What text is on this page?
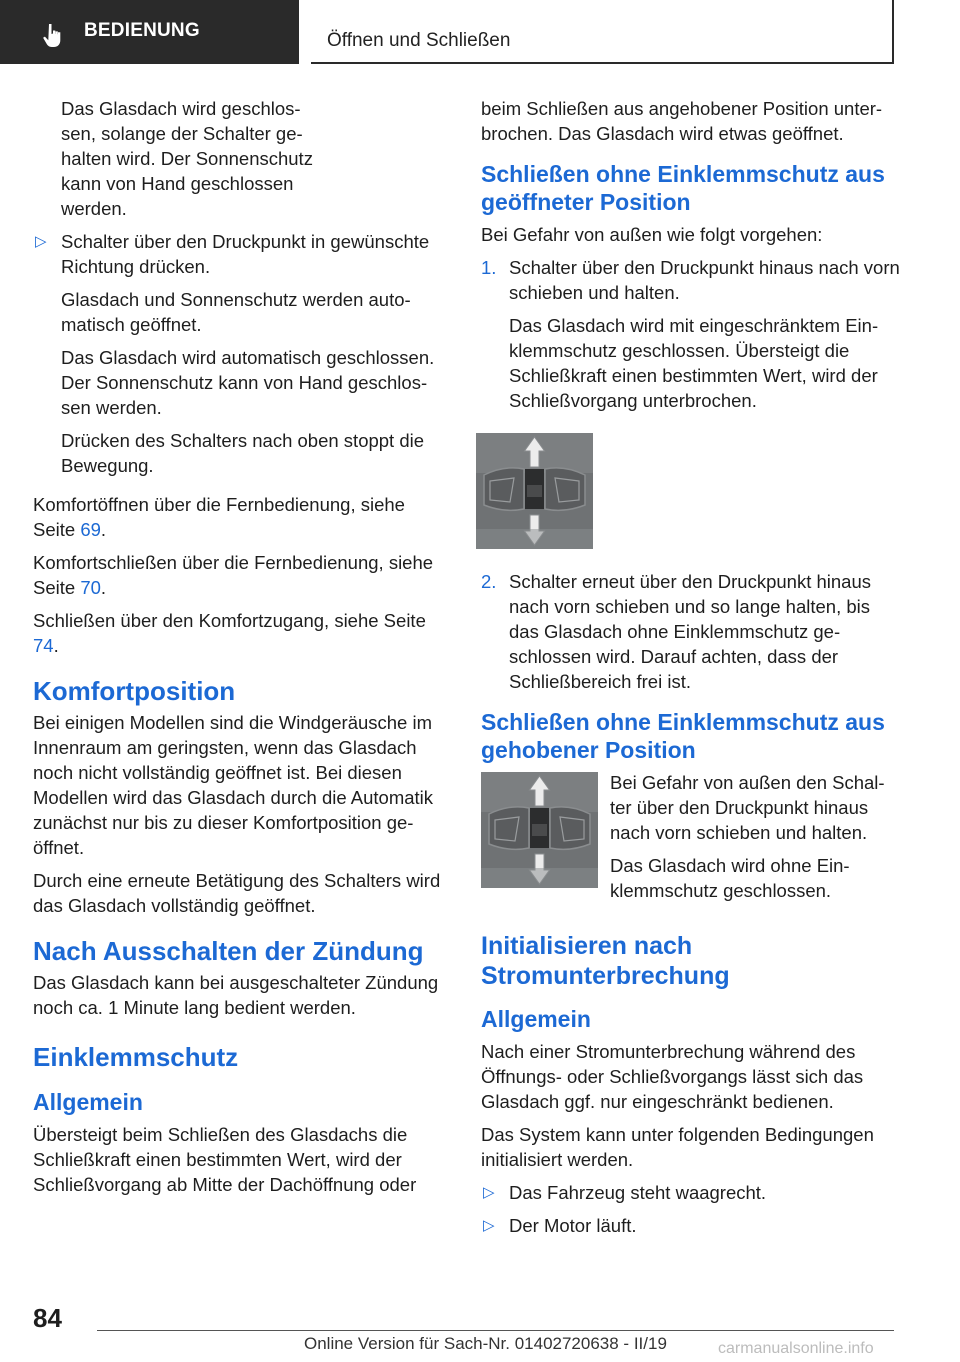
BEDIENUNG	Öffnen und Schließen

Das Glasdach wird geschlos- sen, solange der Schalter ge- halten wird. Der Sonnenschutz kann von Hand geschlossen werden.

▷ Schalter über den Druckpunkt in gewünschte Richtung drücken.

Glasdach und Sonnenschutz werden auto- matisch geöffnet.

Das Glasdach wird automatisch geschlossen. Der Sonnenschutz kann von Hand geschlos- sen werden.

Drücken des Schalters nach oben stoppt die Bewegung.

Komfortöffnen über die Fernbedienung, siehe Seite 69.

Komfortschließen über die Fernbedienung, siehe Seite 70.

Schließen über den Komfortzugang, siehe Seite 74.

Komfortposition

Bei einigen Modellen sind die Windgeräusche im Innenraum am geringsten, wenn das Glasdach noch nicht vollständig geöffnet ist. Bei diesen Modellen wird das Glasdach durch die Automatik zunächst nur bis zu dieser Komfortposition ge- öffnet.

Durch eine erneute Betätigung des Schalters wird das Glasdach vollständig geöffnet.

Nach Ausschalten der Zündung

Das Glasdach kann bei ausgeschalteter Zündung noch ca. 1 Minute lang bedient werden.

Einklemmschutz
Allgemein

Übersteigt beim Schließen des Glasdachs die Schließkraft einen bestimmten Wert, wird der Schließvorgang ab Mitte der Dachöffnung oder

beim Schließen aus angehobener Position unter- brochen. Das Glasdach wird etwas geöffnet.

Schließen ohne Einklemmschutz aus geöffneter Position

Bei Gefahr von außen wie folgt vorgehen:

1. Schalter über den Druckpunkt hinaus nach vorn schieben und halten.

Das Glasdach wird mit eingeschränktem Ein- klemmschutz geschlossen. Übersteigt die Schließkraft einen bestimmten Wert, wird der Schließvorgang unterbrochen.

2. Schalter erneut über den Druckpunkt hinaus nach vorn schieben und so lange halten, bis das Glasdach ohne Einklemmschutz ge- schlossen wird. Darauf achten, dass der Schließbereich frei ist.
Schließen ohne Einklemmschutz aus gehobener Position

Bei Gefahr von außen den Schal- ter über den Druckpunkt hinaus nach vorn schieben und halten.

Das Glasdach wird ohne Ein- klemmschutz geschlossen.

Initialisieren nach Stromunterbrechung
Allgemein

Nach einer Stromunterbrechung während des Öffnungs- oder Schließvorgangs lässt sich das Glasdach ggf. nur eingeschränkt bedienen.

Das System kann unter folgenden Bedingungen initialisiert werden.

▷ Das Fahrzeug steht waagrecht.
▷ Der Motor läuft.
84
Online Version für Sach-Nr. 01402720638 - II/19	carmanualsonline.info
